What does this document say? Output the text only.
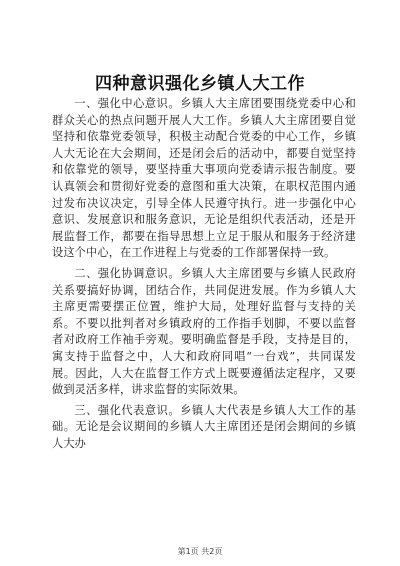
四种意识强化乡镇人大工作

一、强化中心意识。乡镇人大主席团要围绕党委中心和群众关心的热点问题开展人大工作。乡镇人大主席团要自觉坚持和依靠党委领导，积极主动配合党委的中心工作，乡镇人大无论在大会期间，还是闭会后的活动中，都要自觉坚持和依靠党的领导，要坚持重大事项向党委请示报告制度。要认真领会和贯彻好党委的意图和重大决策，在职权范围内通过发布决议决定，引导全体人民遵守执行。进一步强化中心意识、发展意识和服务意识，无论是组织代表活动，还是开展监督工作，都要在指导思想上立足于服从和服务于经济建设这个中心，在工作进程上与党委的工作部署保持一致。

二、强化协调意识。乡镇人大主席团要与乡镇人民政府关系要搞好协调，团结合作，共同促进发展。作为乡镇人大主席更需要摆正位置，维护大局，处理好监督与支持的关系。不要以批判者对乡镇政府的工作指手划脚，不要以监督者对政府工作袖手旁观。要明确监督是手段，支持是目的，寓支持于监督之中，人大和政府同唱“一台戏”，共同谋发展。因此，人大在监督工作方式上既要遵循法定程序，又要做到灵活多样，讲求监督的实际效果。

三、强化代表意识。乡镇人大代表是乡镇人大工作的基础。无论是会议期间的乡镇人大主席团还是闭会期间的乡镇人大办

第1页 共2页
